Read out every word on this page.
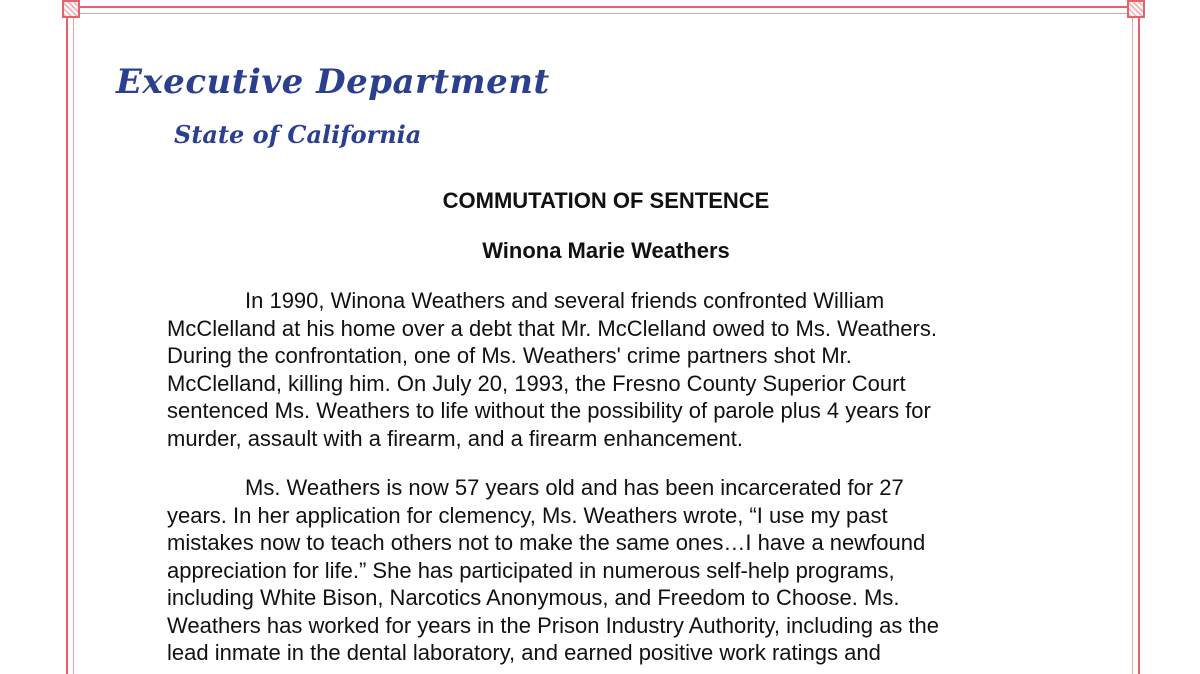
Executive Department
State of California
COMMUTATION OF SENTENCE
Winona Marie Weathers
In 1990, Winona Weathers and several friends confronted William
McClelland at his home over a debt that Mr. McClelland owed to Ms. Weathers.
During the confrontation, one of Ms. Weathers' crime partners shot Mr.
McClelland, killing him. On July 20, 1993, the Fresno County Superior Court
sentenced Ms. Weathers to life without the possibility of parole plus 4 years for
murder, assault with a firearm, and a firearm enhancement.
Ms. Weathers is now 57 years old and has been incarcerated for 27
years. In her application for clemency, Ms. Weathers wrote, “I use my past
mistakes now to teach others not to make the same ones…I have a newfound
appreciation for life.” She has participated in numerous self-help programs,
including White Bison, Narcotics Anonymous, and Freedom to Choose. Ms.
Weathers has worked for years in the Prison Industry Authority, including as the
lead inmate in the dental laboratory, and earned positive work ratings and
